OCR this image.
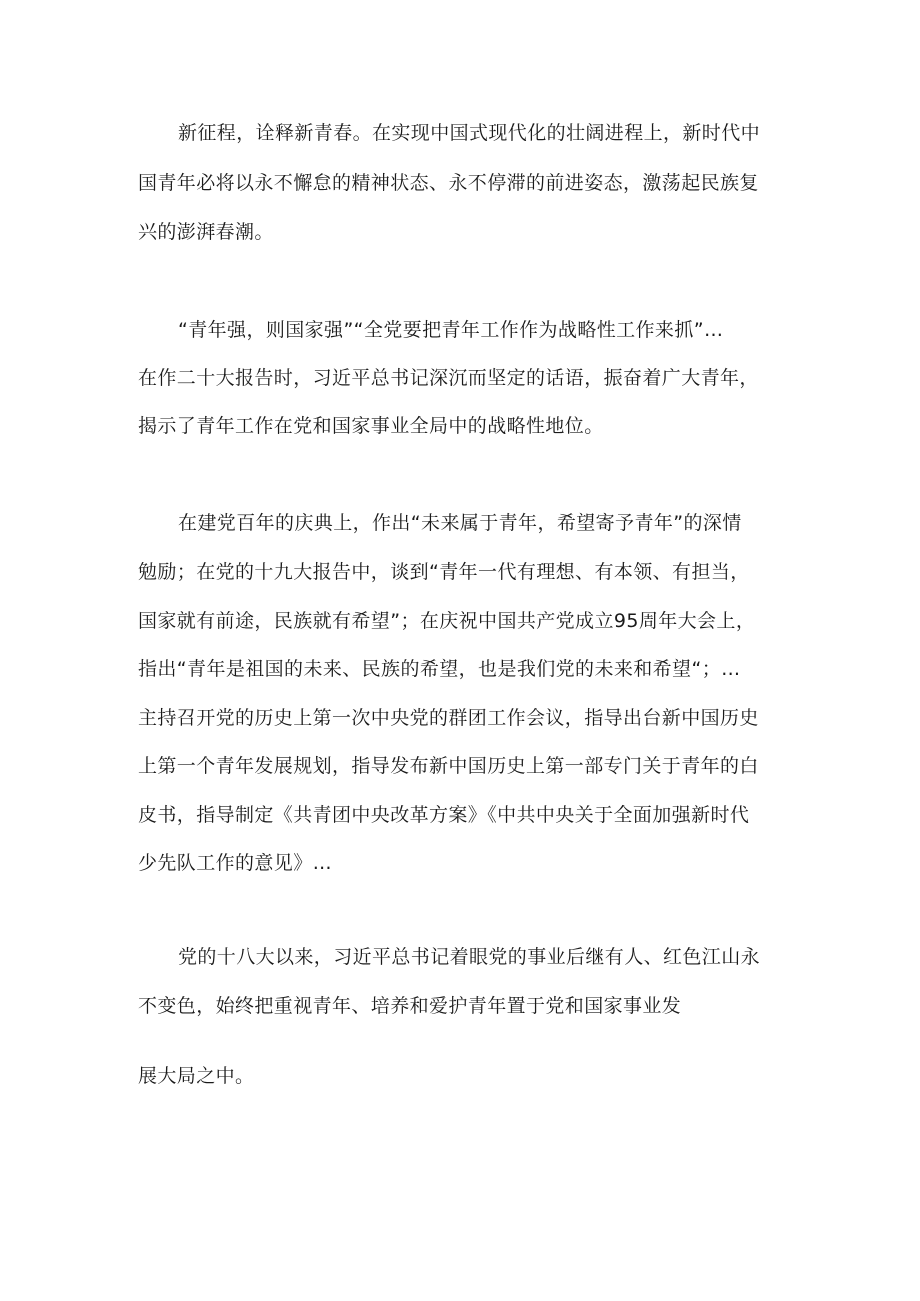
新征程，诠释新青春。在实现中国式现代化的壮阔进程上，新时代中
国青年必将以永不懈怠的精神状态、永不停滞的前进姿态，激荡起民族复
兴的澎湃春潮。
“青年强，则国家强”“全党要把青年工作作为战略性工作来抓”…
在作二十大报告时，习近平总书记深沉而坚定的话语，振奋着广大青年，
揭示了青年工作在党和国家事业全局中的战略性地位。
在建党百年的庆典上，作出“未来属于青年，希望寄予青年”的深情
勉励；在党的十九大报告中，谈到“青年一代有理想、有本领、有担当，
国家就有前途，民族就有希望”；在庆祝中国共产党成立95周年大会上，
指出“青年是祖国的未来、民族的希望，也是我们党的未来和希望“；…
主持召开党的历史上第一次中央党的群团工作会议，指导出台新中国历史
上第一个青年发展规划，指导发布新中国历史上第一部专门关于青年的白
皮书，指导制定《共青团中央改革方案》《中共中央关于全面加强新时代
少先队工作的意见》…
党的十八大以来，习近平总书记着眼党的事业后继有人、红色江山永
不变色，始终把重视青年、培养和爱护青年置于党和国家事业发
展大局之中。
